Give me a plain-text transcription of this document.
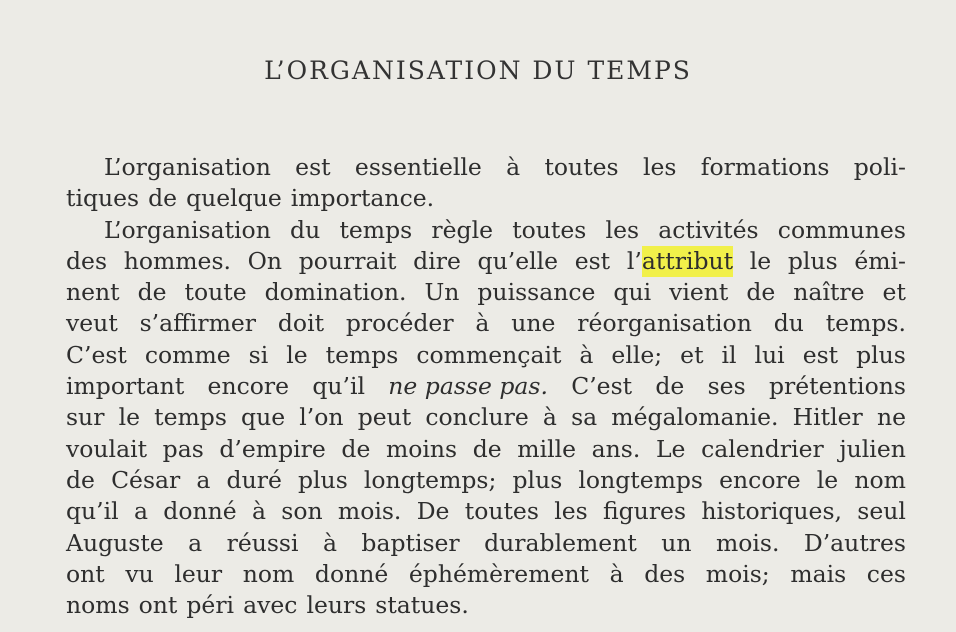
L’ORGANISATION DU TEMPS
L’organisation est essentielle à toutes les formations poli-
tiques de quelque importance.
L’organisation du temps règle toutes les activités communes
des hommes. On pourrait dire qu’elle est l’attribut le plus émi-
nent de toute domination. Un puissance qui vient de naître et
veut s’affirmer doit procéder à une réorganisation du temps.
C’est comme si le temps commençait à elle; et il lui est plus
important encore qu’il ne passe pas. C’est de ses prétentions
sur le temps que l’on peut conclure à sa mégalomanie. Hitler ne
voulait pas d’empire de moins de mille ans. Le calendrier julien
de César a duré plus longtemps; plus longtemps encore le nom
qu’il a donné à son mois. De toutes les figures historiques, seul
Auguste a réussi à baptiser durablement un mois. D’autres
ont vu leur nom donné éphémèrement à des mois; mais ces
noms ont péri avec leurs statues.
